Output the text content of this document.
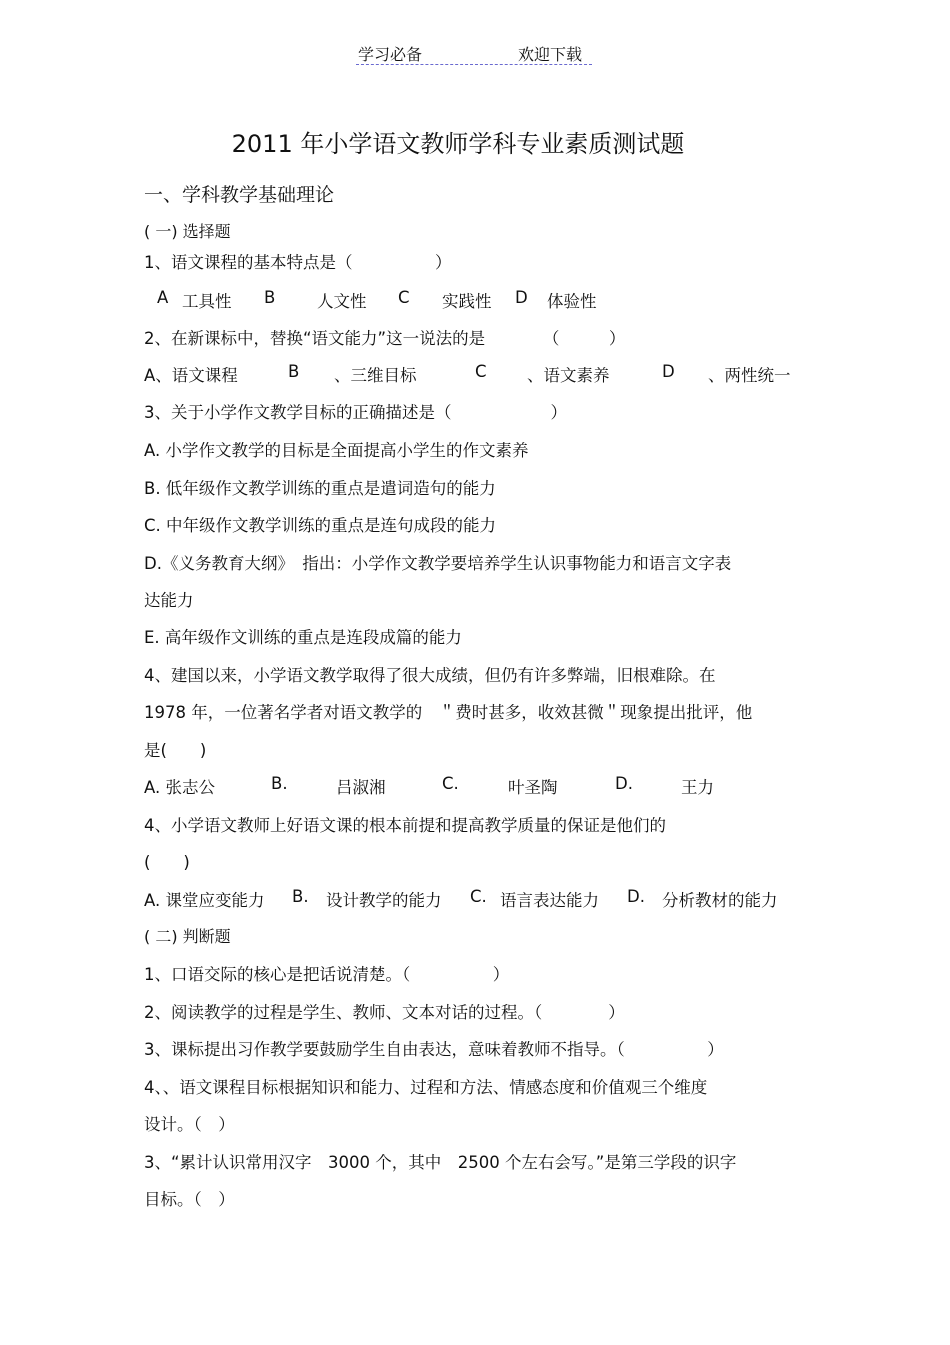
学习必备	欢迎下载
2011 年小学语文教师学科专业素质测试题
一、学科教学基础理论
( 一) 选择题
1、语文课程的基本特点是（　　　　　）
A 工具性 B	人文性 C 实践性 D 体验性
2、在新课标中，替换“语文能力”这一说法的是　　　　（　　　）
A、语文课程	B 、三维目标	C 、语文素养	D 、两性统一
3、关于小学作文教学目标的正确描述是（　　　　　　）
A. 小学作文教学的目标是全面提高小学生的作文素养
B. 低年级作文教学训练的重点是遣词造句的能力
C. 中年级作文教学训练的重点是连句成段的能力
D.《义务教育大纲》　指出：小学作文教学要培养学生认识事物能力和语言文字表
达能力
E. 高年级作文训练的重点是连段成篇的能力
4、建国以来，小学语文教学取得了很大成绩，但仍有许多弊端，旧根难除。在
1978 年，一位著名学者对语文教学的　＂费时甚多，收效甚微＂现象提出批评，他
是(　　)
A. 张志公	B.	吕淑湘	C.	叶圣陶	D.	王力
4、小学语文教师上好语文课的根本前提和提高教学质量的保证是他们的
(　　)
A. 课堂应变能力 B. 设计教学的能力 C. 语言表达能力 D. 分析教材的能力
( 二) 判断题
1、口语交际的核心是把话说清楚。（　　　　　）
2、阅读教学的过程是学生、教师、文本对话的过程。（　　　　）
3、课标提出习作教学要鼓励学生自由表达，意味着教师不指导。（　　　　　）
4、、语文课程目标根据知识和能力、过程和方法、情感态度和价值观三个维度
设计。（　）
3、“累计认识常用汉字　3000 个，其中　2500 个左右会写。”是第三学段的识字
目标。（　）
